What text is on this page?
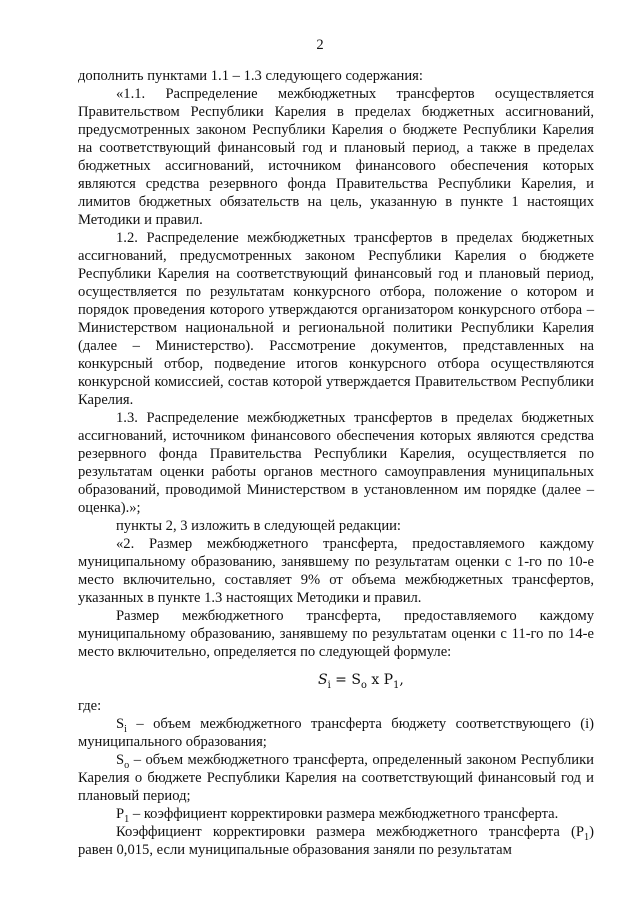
2

дополнить пунктами 1.1 – 1.3 следующего содержания:

«1.1. Распределение межбюджетных трансфертов осуществляется Правительством Республики Карелия в пределах бюджетных ассигнований, предусмотренных законом Республики Карелия о бюджете Республики Карелия на соответствующий финансовый год и плановый период, а также в пределах бюджетных ассигнований, источником финансового обеспечения которых являются средства резервного фонда Правительства Республики Карелия, и лимитов бюджетных обязательств на цель, указанную в пункте 1 настоящих Методики и правил.

1.2. Распределение межбюджетных трансфертов в пределах бюджетных ассигнований, предусмотренных законом Республики Карелия о бюджете Республики Карелия на соответствующий финансовый год и плановый период, осуществляется по результатам конкурсного отбора, положение о котором и порядок проведения которого утверждаются организатором конкурсного отбора – Министерством национальной и региональной политики Республики Карелия (далее – Министерство). Рассмотрение документов, представленных на конкурсный отбор, подведение итогов конкурсного отбора осуществляются конкурсной комиссией, состав которой утверждается Правительством Республики Карелия.

1.3. Распределение межбюджетных трансфертов в пределах бюджетных ассигнований, источником финансового обеспечения которых являются средства резервного фонда Правительства Республики Карелия, осуществляется по результатам оценки работы органов местного самоуправления муниципальных образований, проводимой Министерством в установленном им порядке (далее – оценка).»;

пункты 2, 3 изложить в следующей редакции:

«2. Размер межбюджетного трансферта, предоставляемого каждому муниципальному образованию, занявшему по результатам оценки с 1-го по 10-е место включительно, составляет 9% от объема межбюджетных трансфертов, указанных в пункте 1.3 настоящих Методики и правил.

Размер межбюджетного трансферта, предоставляемого каждому муниципальному образованию, занявшему по результатам оценки с 11-го по 14-е место включительно, определяется по следующей формуле:

$S_i = S_o$ x $P_1$,

где:

$S_i$ – объем межбюджетного трансферта бюджету соответствующего (i) муниципального образования;

$S_o$ – объем межбюджетного трансферта, определенный законом Республики Карелия о бюджете Республики Карелия на соответствующий финансовый год и плановый период;

$P_1$ – коэффициент корректировки размера межбюджетного трансферта.

Коэффициент корректировки размера межбюджетного трансферта $(P_1)$ равен 0,015, если муниципальные образования заняли по результатам
